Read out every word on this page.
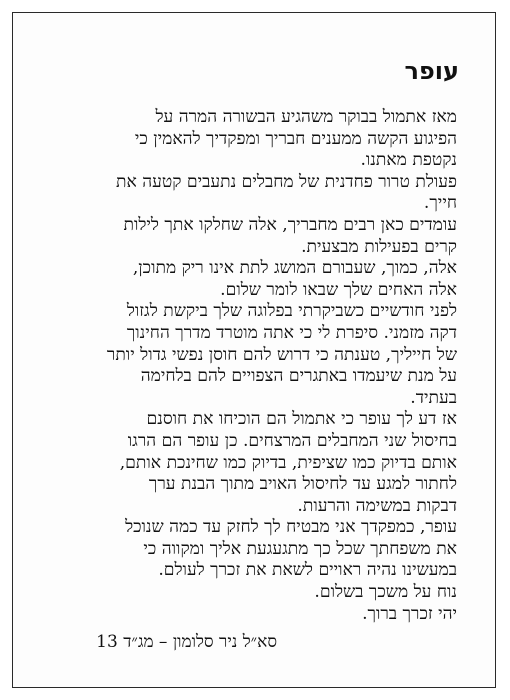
עופר
מאז אתמול בבוקר משהגיע הבשורה המרה על
הפיגוע הקשה ממענים חבריך ומפקדיך להאמין כי
נקטפת מאתנו.
פעולת טרור פחדנית של מחבלים נתעבים קטעה את
חייך.
עומדים כאן רבים מחבריך, אלה שחלקו אתך לילות
קרים בפעילות מבצעית.
אלה, כמוך, שעבורם המושג לתת אינו ריק מתוכן,
אלה האחים שלך שבאו לומר שלום.
לפני חודשיים כשביקרתי בפלוגה שלך ביקשת לגזול
דקה מזמני. סיפרת לי כי אתה מוטרד מדרך החינוך
של חייליך, טענתה כי דרוש להם חוסן נפשי גדול יותר
על מנת שיעמדו באתגרים הצפויים להם בלחימה
בעתיד.
אז דע לך עופר כי אתמול הם הוכיחו את חוסנם
בחיסול שני המחבלים המרצחים. כן עופר הם הרגו
אותם בדיוק כמו שציפית, בדיוק כמו שחינכת אותם,
לחתור למגע עד לחיסול האויב מתוך הבנת ערך
דבקות במשימה והרעות.
עופר, כמפקדך אני מבטיח לך לחזק עד כמה שנוכל
את משפחתך שכל כך מתגעגעת אליך ומקווה כי
במעשינו נהיה ראויים לשאת את זכרך לעולם.
נוח על משכך בשלום.
יהי זכרך ברוך.
סא״ל ניר סלומון – מג״ד 13
